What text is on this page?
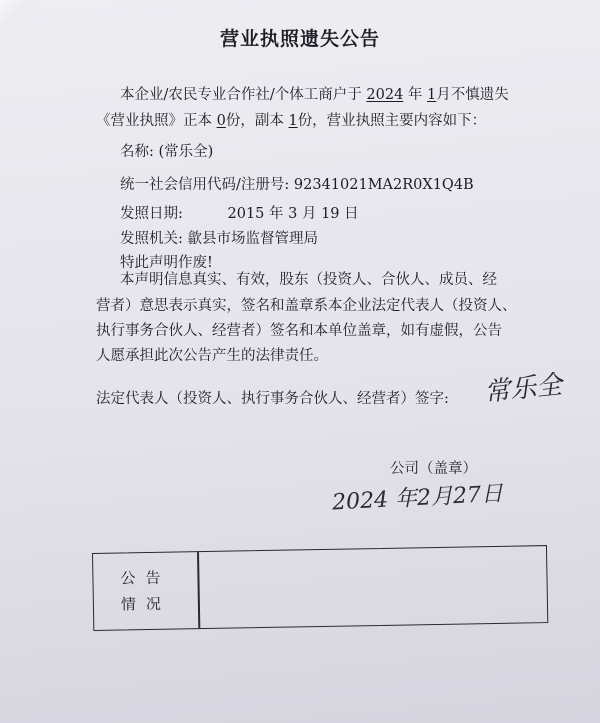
营业执照遗失公告
本企业/农民专业合作社/个体工商户于 2024 年 1月不慎遗失
《营业执照》正本 0份，副本 1份，营业执照主要内容如下：
名称: (常乐全)
统一社会信用代码/注册号: 92341021MA2R0X1Q4B
发照日期:	2015 年 3 月 19 日
发照机关: 歙县市场监督管理局
特此声明作废!
本声明信息真实、有效，股东（投资人、合伙人、成员、经
营者）意思表示真实，签名和盖章系本企业法定代表人（投资人、
执行事务合伙人、经营者）签名和本单位盖章，如有虚假，公告
人愿承担此次公告产生的法律责任。
法定代表人（投资人、执行事务合伙人、经营者）签字: 常乐全
公司（盖章）
2024 年2月27日
公告
情况
